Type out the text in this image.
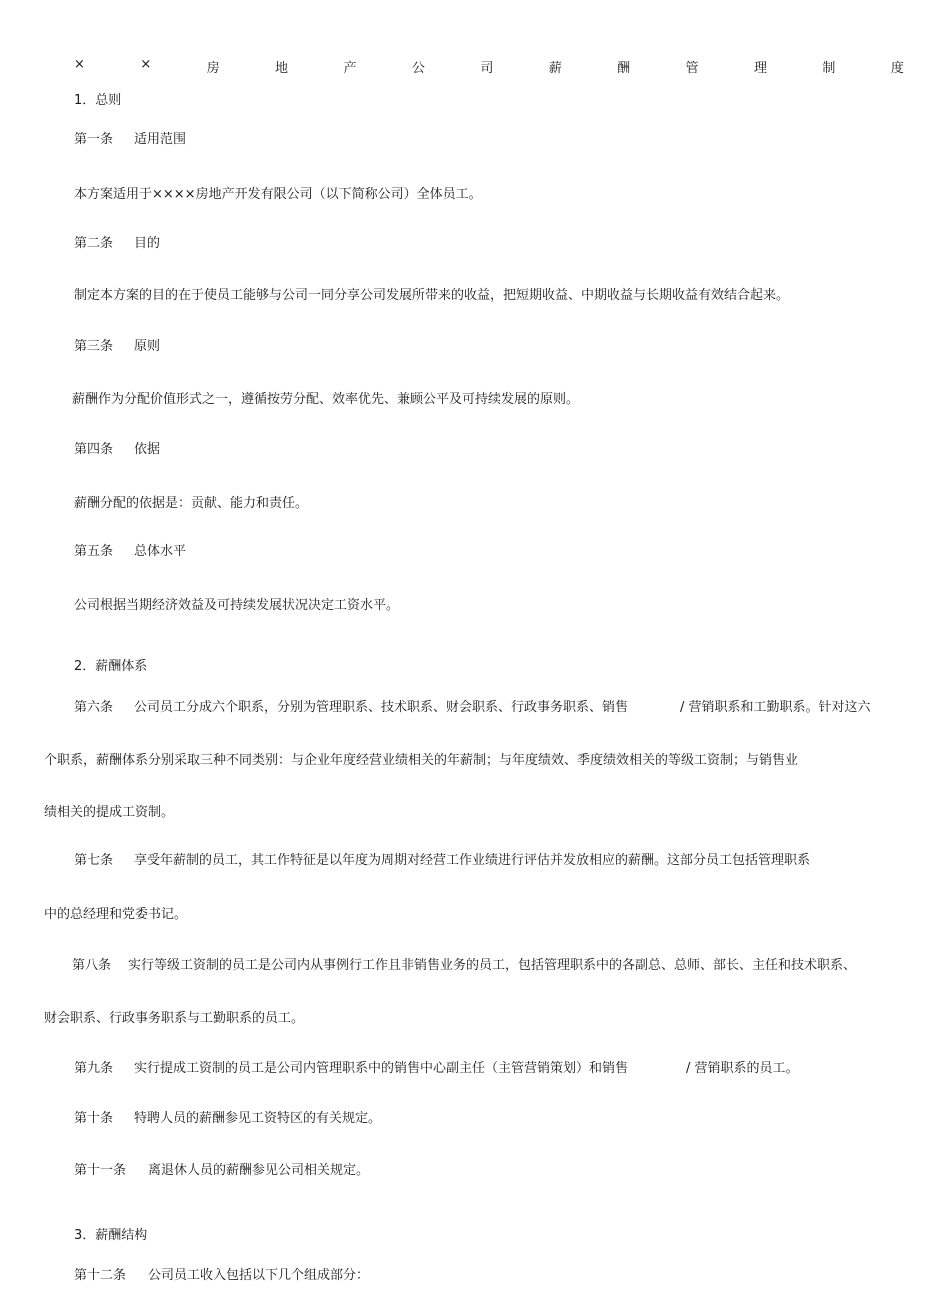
×	×	房	地	产	公	司	薪	酬	管	理	制	度
1．总则
第一条 适用范围
本方案适用于××××房地产开发有限公司（以下简称公司）全体员工。
第二条 目的
制定本方案的目的在于使员工能够与公司一同分享公司发展所带来的收益，把短期收益、中期收益与长期收益有效结合起来。
第三条 原则
薪酬作为分配价值形式之一，遵循按劳分配、效率优先、兼顾公平及可持续发展的原则。
第四条 依据
薪酬分配的依据是：贡献、能力和责任。
第五条 总体水平
公司根据当期经济效益及可持续发展状况决定工资水平。
2．薪酬体系
第六条 公司员工分成六个职系，分别为管理职系、技术职系、财会职系、行政事务职系、销售	/ 营销职系和工勤职系。针对这六
个职系，薪酬体系分别采取三种不同类别：与企业年度经营业绩相关的年薪制；与年度绩效、季度绩效相关的等级工资制；与销售业
绩相关的提成工资制。
第七条 享受年薪制的员工，其工作特征是以年度为周期对经营工作业绩进行评估并发放相应的薪酬。这部分员工包括管理职系
中的总经理和党委书记。
第八条 实行等级工资制的员工是公司内从事例行工作且非销售业务的员工，包括管理职系中的各副总、总师、部长、主任和技术职系、
财会职系、行政事务职系与工勤职系的员工。
第九条 实行提成工资制的员工是公司内管理职系中的销售中心副主任（主管营销策划）和销售	/ 营销职系的员工。
第十条 特聘人员的薪酬参见工资特区的有关规定。
第十一条 离退休人员的薪酬参见公司相关规定。
3．薪酬结构
第十二条 公司员工收入包括以下几个组成部分：
